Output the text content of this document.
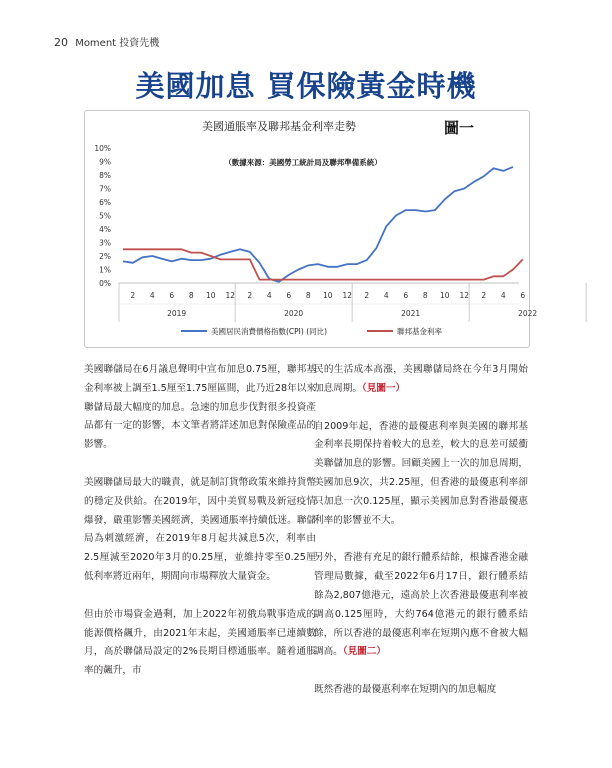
20 Moment 投資先機
美國加息 買保險黃金時機
美國通脹率及聯邦基金利率走勢	圖一
（數據來源：美國勞工統計局及聯邦準備系統）
0%
1%
2%
3%
4%
5%
6%
7%
8%
9%
10%
2 4 6 8 10 12 2 4 6 8 10 12 2 4 6 8 10 12 2 4 6
2019	2020	2021	2022
美國居民消費價格指數(CPI) (同比)	聯邦基金利率

美國聯儲局在6月議息聲明中宣布加息0.75厘，聯邦基金利率被上調至1.5厘至1.75厘區間，此乃近28年以來聯儲局最大幅度的加息。急速的加息步伐對很多投資產品都有一定的影響，本文筆者將詳述加息對保險產品的影響。

美國聯儲局最大的職責，就是制訂貨幣政策來維持貨幣的穩定及供給。在2019年，因中美貿易戰及新冠疫情爆發，嚴重影響美國經濟，美國通脹率持續低迷。聯儲局為刺激經濟，在2019年8月起共減息5次，利率由2.5厘減至2020年3月的0.25厘，並維持零至0.25厘低利率將近兩年，期間向市場釋放大量資金。

但由於市場資金過剩，加上2022年初俄烏戰事造成的能源價格飆升，由2021年末起，美國通脹率已連續數月，高於聯儲局設定的2%長期目標通脹率。隨着通脹率的飆升，市

民的生活成本高漲，美國聯儲局終在今年3月開始加息周期。（見圖一）

自2009年起，香港的最優惠利率與美國的聯邦基金利率長期保持着較大的息差，較大的息差可緩衝美聯儲加息的影響。回顧美國上一次的加息周期，美國加息9次，共2.25厘，但香港的最優惠利率卻只加息一次0.125厘，顯示美國加息對香港最優惠利率的影響並不大。

另外，香港有充足的銀行體系結餘，根據香港金融管理局數據，截至2022年6月17日，銀行體系結餘為2,807億港元，遠高於上次香港最優惠利率被調高0.125厘時，大約764億港元的銀行體系結餘，所以香港的最優惠利率在短期內應不會被大幅調高。（見圖二）

既然香港的最優惠利率在短期內的加息幅度
